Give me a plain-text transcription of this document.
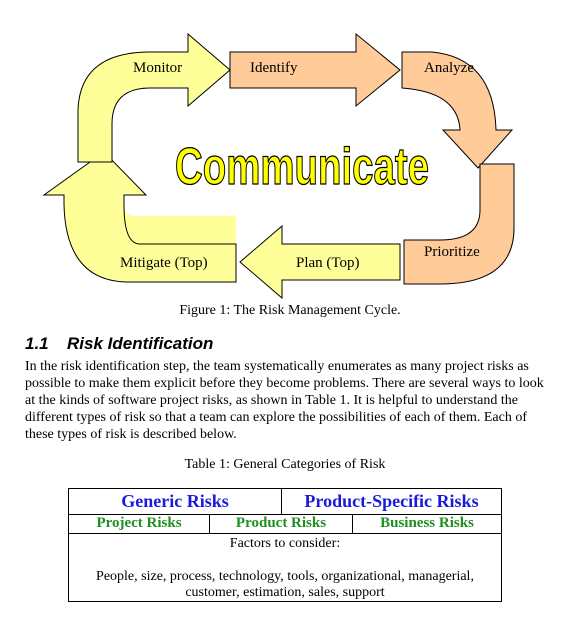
Communicate
Monitor	Identify	Analyze
Prioritize
Plan (Top)
Mitigate (Top)
Figure 1: The Risk Management Cycle.
1.1 Risk Identification

In the risk identification step, the team systematically enumerates as many project risks as possible to make them explicit before they become problems. There are several ways to look at the kinds of software project risks, as shown in Table 1. It is helpful to understand the different types of risk so that a team can explore the possibilities of each of them. Each of these types of risk is described below.

Table 1: General Categories of Risk
Generic Risks	Product-Specific Risks
Project Risks	Product Risks	Business Risks
Factors to consider:
People, size, process, technology, tools, organizational, managerial,
customer, estimation, sales, support
